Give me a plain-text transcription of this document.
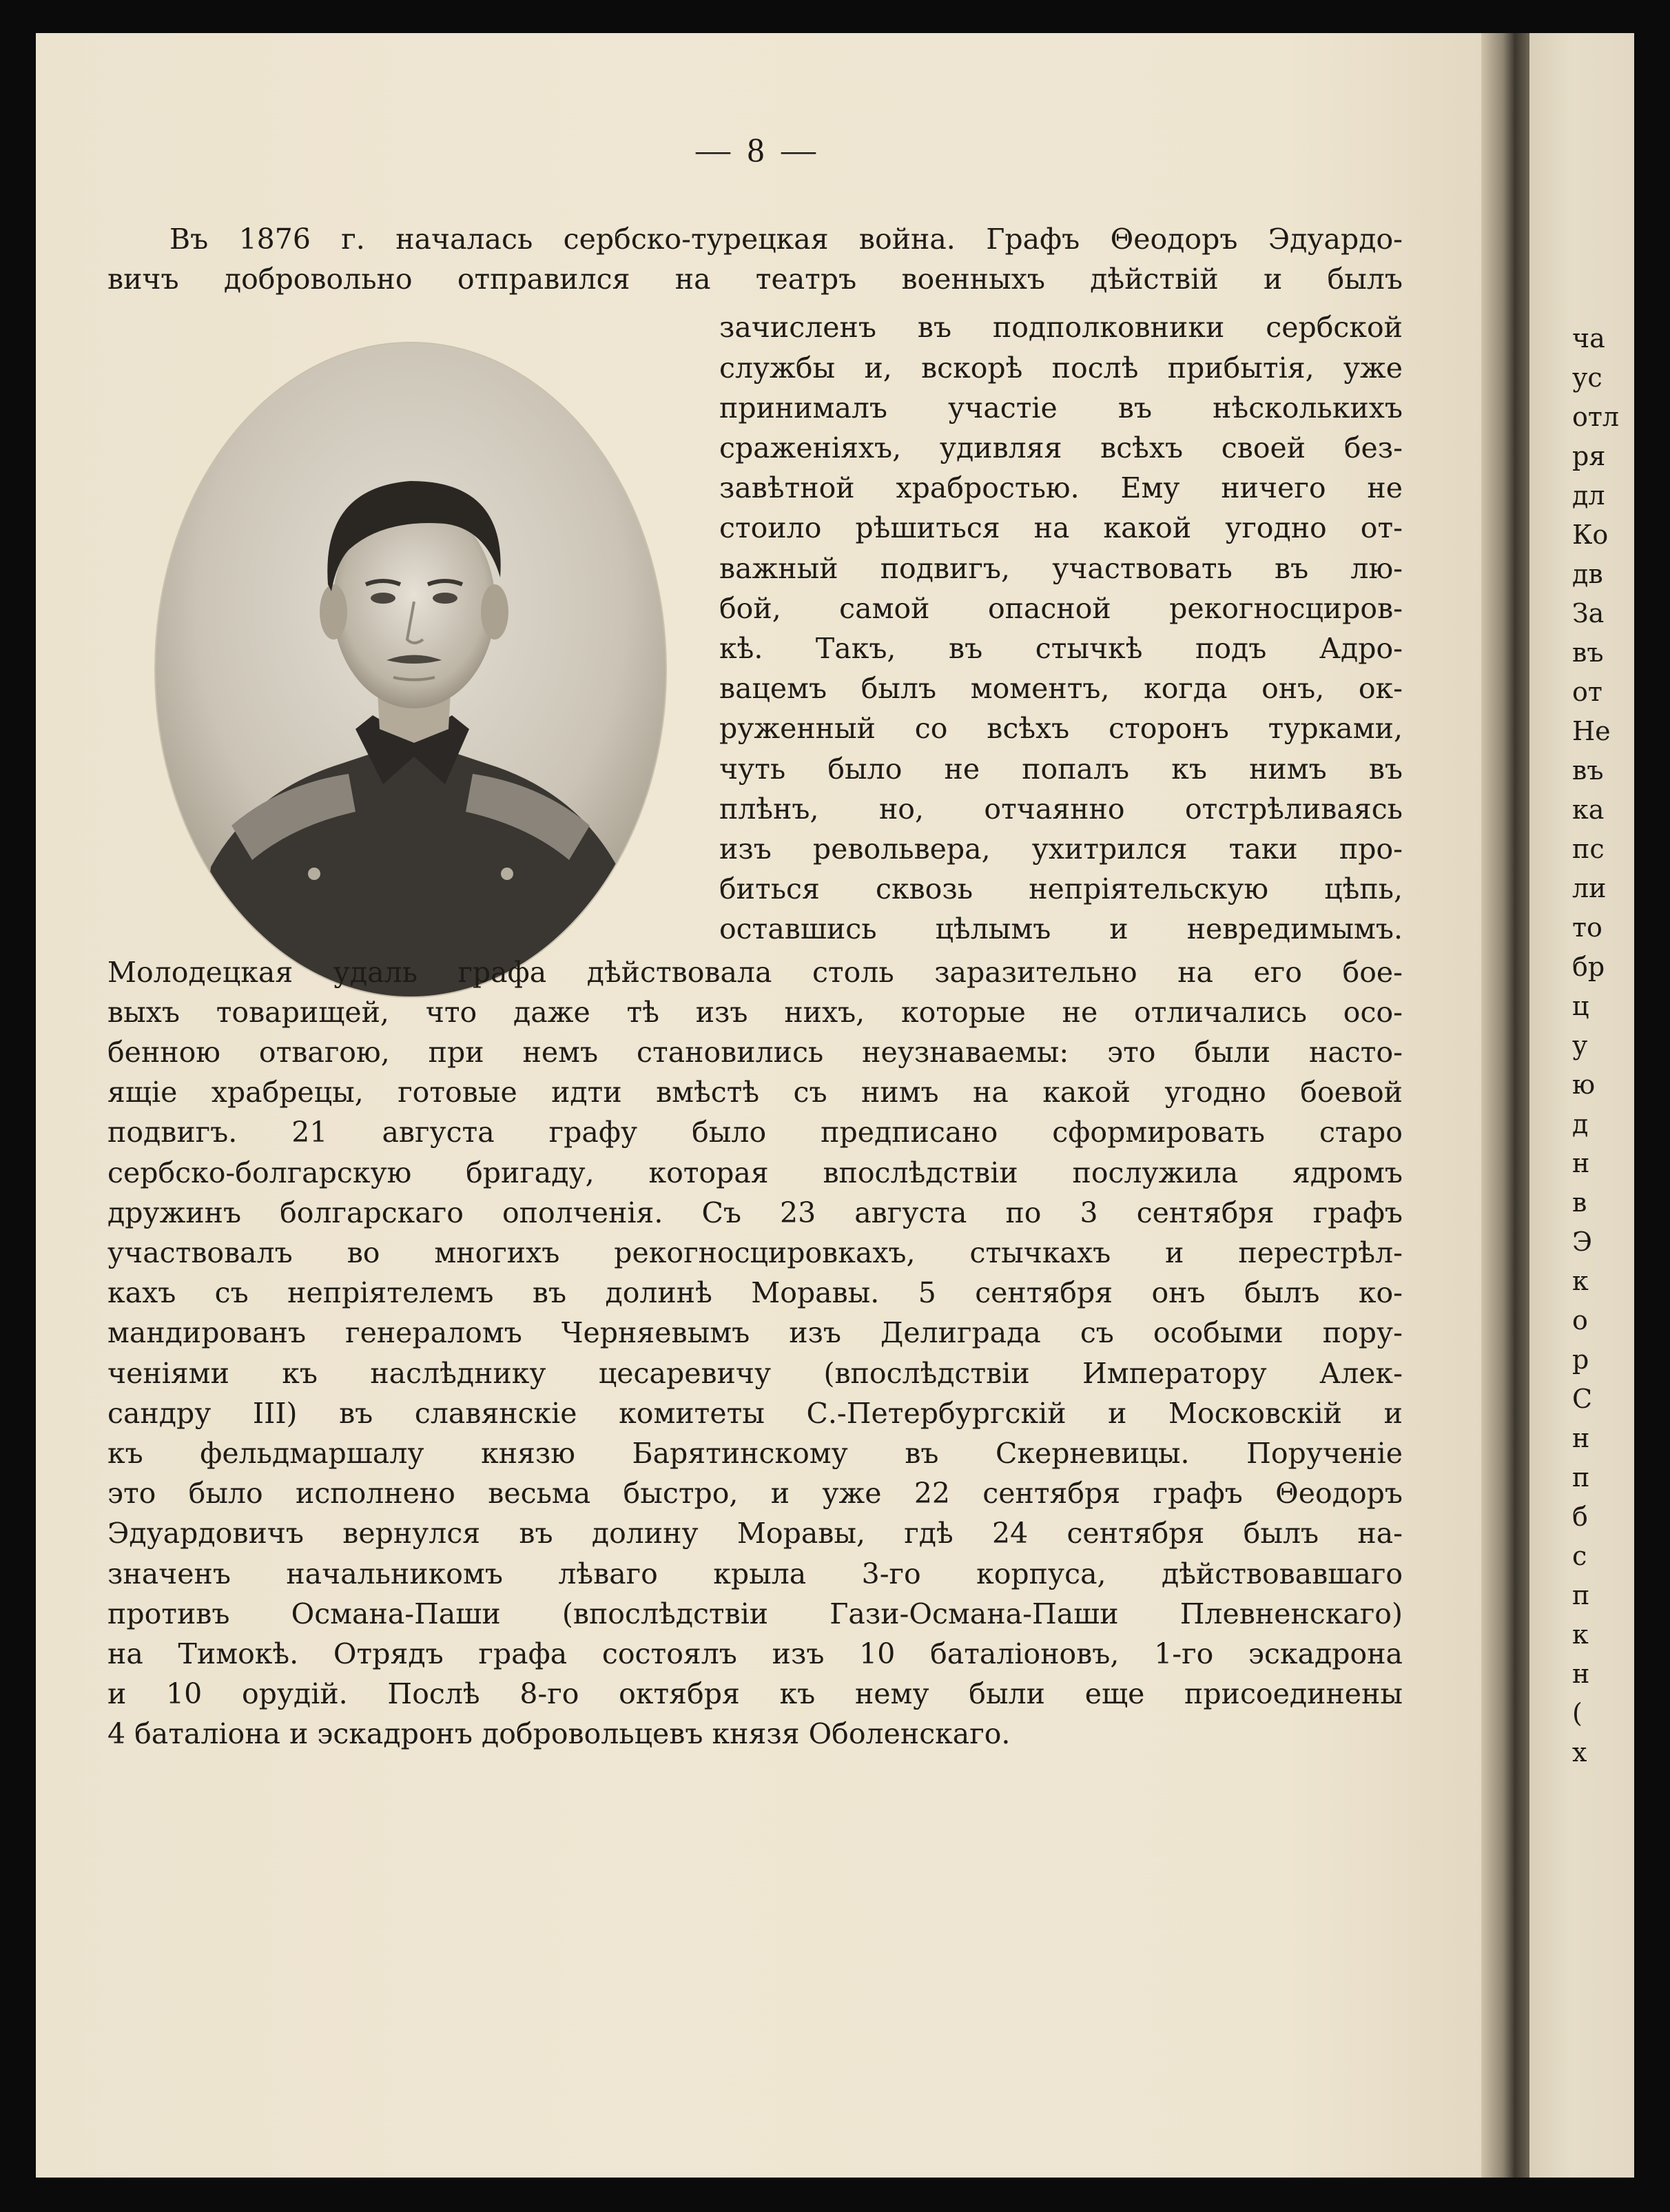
ча
ус
отл
ря
дл
Ко
дв
За
въ
от
Не
въ
ка
пс
ли
то
бр
ц
у
ю
д
н
в
Э
к
о
р
С
н
п
б
с
п
к
н
(
х
— 8 —
Въ 1876 г. началась сербско-турецкая война. Графъ Θеодоръ Эдуардо-
вичъ добровольно отправился на театръ военныхъ дѣйствій и былъ
зачисленъ въ подполковники сербской
службы и, вскорѣ послѣ прибытія, уже
принималъ участіе въ нѣсколькихъ
сраженіяхъ, удивляя всѣхъ своей без-
завѣтной храбростью. Ему ничего не
стоило рѣшиться на какой угодно от-
важный подвигъ, участвовать въ лю-
бой, самой опасной рекогносциров-
кѣ. Такъ, въ стычкѣ подъ Адро-
вацемъ былъ моментъ, когда онъ, ок-
руженный со всѣхъ сторонъ турками,
чуть было не попалъ къ нимъ въ
плѣнъ, но, отчаянно отстрѣливаясь
изъ револьвера, ухитрился таки про-
биться сквозь непріятельскую цѣпь,
оставшись цѣлымъ и невредимымъ.
Молодецкая удаль графа дѣйствовала столь заразительно на его бое-
выхъ товарищей, что даже тѣ изъ нихъ, которые не отличались осо-
бенною отвагою, при немъ становились неузнаваемы: это были насто-
ящіе храбрецы, готовые идти вмѣстѣ съ нимъ на какой угодно боевой
подвигъ. 21 августа графу было предписано сформировать старо
сербско-болгарскую бригаду, которая впослѣдствіи послужила ядромъ
дружинъ болгарскаго ополченія. Съ 23 августа по 3 сентября графъ
участвовалъ во многихъ рекогносцировкахъ, стычкахъ и перестрѣл-
кахъ съ непріятелемъ въ долинѣ Моравы. 5 сентября онъ былъ ко-
мандированъ генераломъ Черняевымъ изъ Делиграда съ особыми пору-
ченіями къ наслѣднику цесаревичу (впослѣдствіи Императору Алек-
сандру III) въ славянскіе комитеты С.-Петербургскій и Московскій и
къ фельдмаршалу князю Барятинскому въ Скерневицы. Порученіе
это было исполнено весьма быстро, и уже 22 сентября графъ Θеодоръ
Эдуардовичъ вернулся въ долину Моравы, гдѣ 24 сентября былъ на-
значенъ начальникомъ лѣваго крыла 3-го корпуса, дѣйствовавшаго
противъ Османа-Паши (впослѣдствіи Гази-Османа-Паши Плевненскаго)
на Тимокѣ. Отрядъ графа состоялъ изъ 10 баталіоновъ, 1-го эскадрона
и 10 орудій. Послѣ 8-го октября къ нему были еще присоединены
4 баталіона и эскадронъ добровольцевъ князя Оболенскаго.
